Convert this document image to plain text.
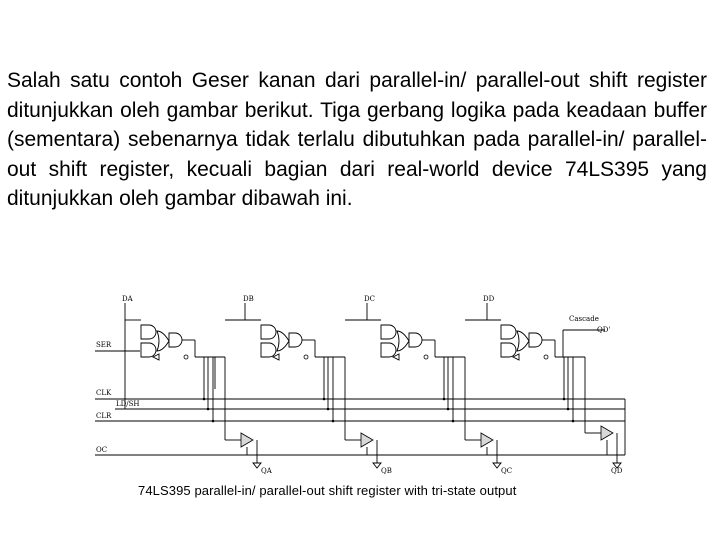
Salah satu contoh Geser kanan dari parallel-in/ parallel-out shift register ditunjukkan oleh gambar berikut. Tiga gerbang logika pada keadaan buffer (sementara) sebenarnya tidak terlalu dibutuhkan pada parallel-in/ parallel-out shift register, kecuali bagian dari real-world device 74LS395 yang ditunjukkan oleh gambar dibawah ini.

SER
CLK
LD/SH
CLR
OC
DA	DB	DC	DD
Cascade
QD'
QA	QB	QC	QD
74LS395 parallel-in/ parallel-out shift register with tri-state output
